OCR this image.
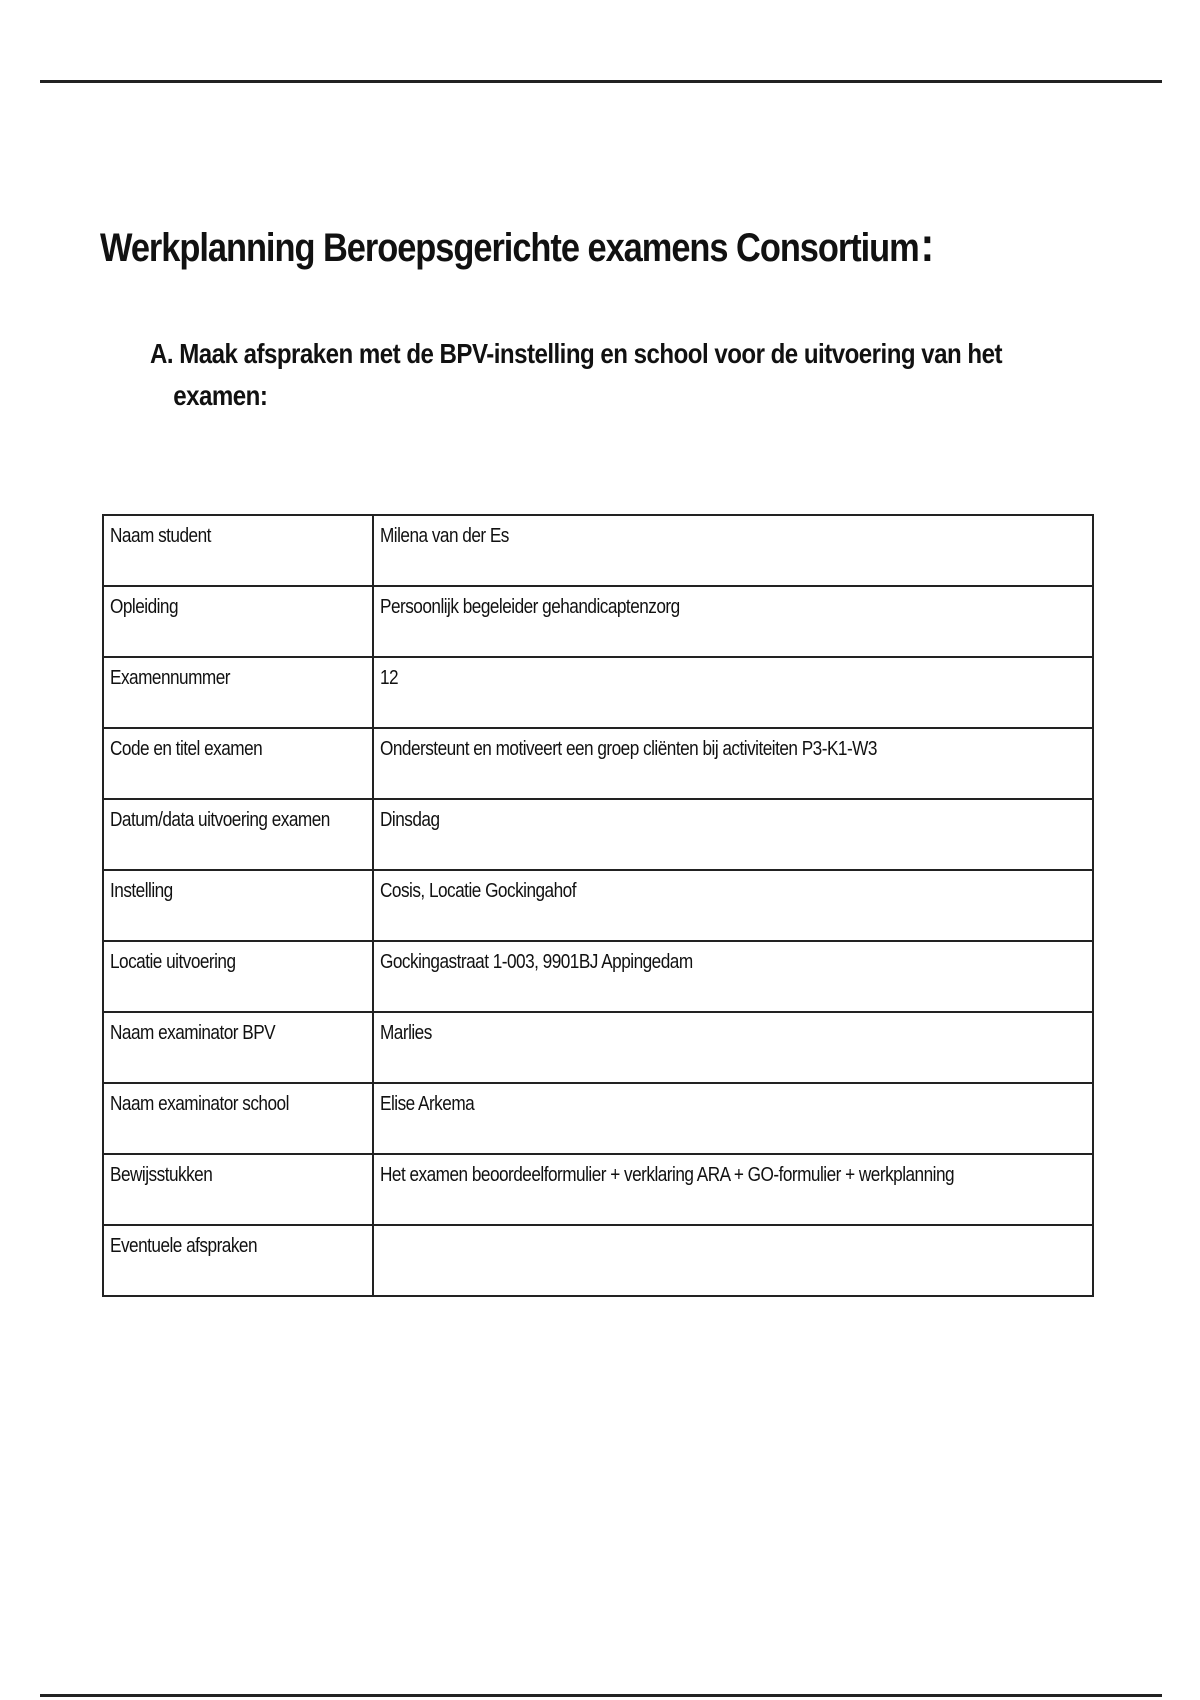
Werkplanning Beroepsgerichte examens Consortium:
A. Maak afspraken met de BPV-instelling en school voor de uitvoering van het
examen:
Naam student	Milena van der Es
Opleiding	Persoonlijk begeleider gehandicaptenzorg
Examennummer	12
Code en titel examen	Ondersteunt en motiveert een groep cliënten bij activiteiten P3-K1-W3
Datum/data uitvoering examen	Dinsdag
Instelling	Cosis, Locatie Gockingahof
Locatie uitvoering	Gockingastraat 1-003, 9901BJ Appingedam
Naam examinator BPV	Marlies
Naam examinator school	Elise Arkema
Bewijsstukken	Het examen beoordeelformulier + verklaring ARA + GO-formulier + werkplanning
Eventuele afspraken	
